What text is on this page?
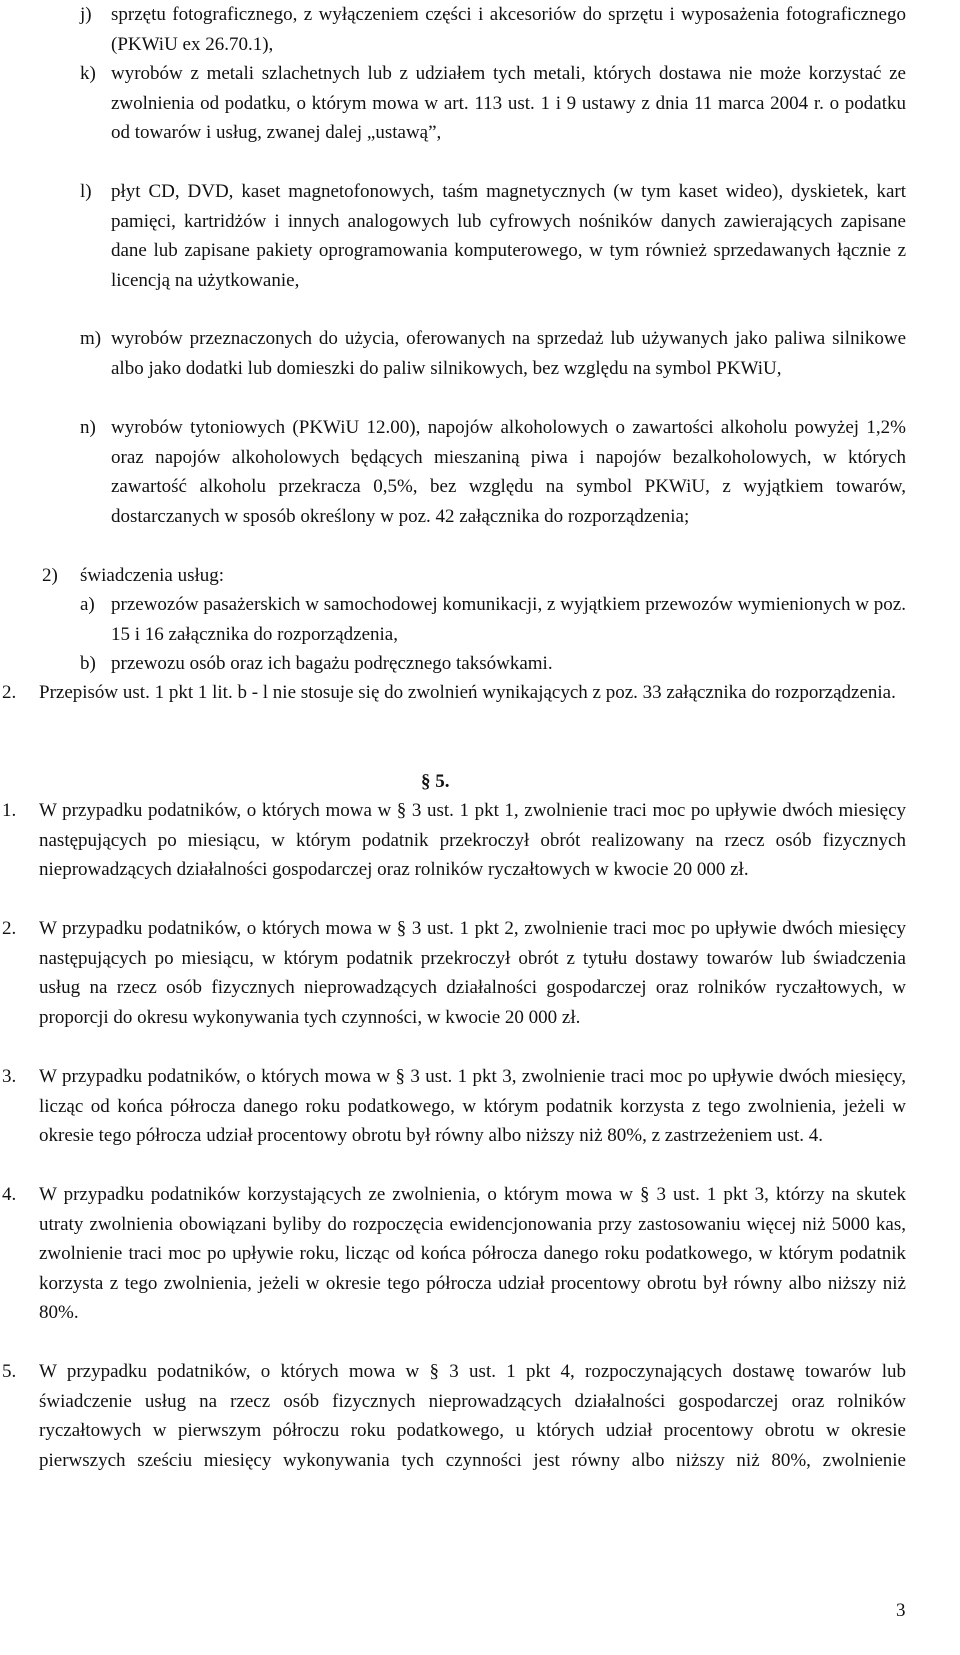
j) sprzętu fotograficznego, z wyłączeniem części i akcesoriów do sprzętu i wyposażenia fotograficznego (PKWiU ex 26.70.1),
k) wyrobów z metali szlachetnych lub z udziałem tych metali, których dostawa nie może korzystać ze zwolnienia od podatku, o którym mowa w art. 113 ust. 1 i 9 ustawy z dnia 11 marca 2004 r. o podatku od towarów i usług, zwanej dalej „ustawą”,
l) płyt CD, DVD, kaset magnetofonowych, taśm magnetycznych (w tym kaset wideo), dyskietek, kart pamięci, kartridżów i innych analogowych lub cyfrowych nośników danych zawierających zapisane dane lub zapisane pakiety oprogramowania komputerowego, w tym również sprzedawanych łącznie z licencją na użytkowanie,
m) wyrobów przeznaczonych do użycia, oferowanych na sprzedaż lub używanych jako paliwa silnikowe albo jako dodatki lub domieszki do paliw silnikowych, bez względu na symbol PKWiU,
n) wyrobów tytoniowych (PKWiU 12.00), napojów alkoholowych o zawartości alkoholu powyżej 1,2% oraz napojów alkoholowych będących mieszaniną piwa i napojów bezalkoholowych, w których zawartość alkoholu przekracza 0,5%, bez względu na symbol PKWiU, z wyjątkiem towarów, dostarczanych w sposób określony w poz. 42 załącznika do rozporządzenia;
2) świadczenia usług:
a) przewozów pasażerskich w samochodowej komunikacji, z wyjątkiem przewozów wymienionych w poz. 15 i 16 załącznika do rozporządzenia,
b) przewozu osób oraz ich bagażu podręcznego taksówkami.
2. Przepisów ust. 1 pkt 1 lit. b - l nie stosuje się do zwolnień wynikających z poz. 33 załącznika do rozporządzenia.
§ 5.
1. W przypadku podatników, o których mowa w § 3 ust. 1 pkt 1, zwolnienie traci moc po upływie dwóch miesięcy następujących po miesiącu, w którym podatnik przekroczył obrót realizowany na rzecz osób fizycznych nieprowadzących działalności gospodarczej oraz rolników ryczałtowych w kwocie 20 000 zł.
2. W przypadku podatników, o których mowa w § 3 ust. 1 pkt 2, zwolnienie traci moc po upływie dwóch miesięcy następujących po miesiącu, w którym podatnik przekroczył obrót z tytułu dostawy towarów lub świadczenia usług na rzecz osób fizycznych nieprowadzących działalności gospodarczej oraz rolników ryczałtowych, w proporcji do okresu wykonywania tych czynności, w kwocie 20 000 zł.
3. W przypadku podatników, o których mowa w § 3 ust. 1 pkt 3, zwolnienie traci moc po upływie dwóch miesięcy, licząc od końca półrocza danego roku podatkowego, w którym podatnik korzysta z tego zwolnienia, jeżeli w okresie tego półrocza udział procentowy obrotu był równy albo niższy niż 80%, z zastrzeżeniem ust. 4.
4. W przypadku podatników korzystających ze zwolnienia, o którym mowa w § 3 ust. 1 pkt 3, którzy na skutek utraty zwolnienia obowiązani byliby do rozpoczęcia ewidencjonowania przy zastosowaniu więcej niż 5000 kas, zwolnienie traci moc po upływie roku, licząc od końca półrocza danego roku podatkowego, w którym podatnik korzysta z tego zwolnienia, jeżeli w okresie tego półrocza udział procentowy obrotu był równy albo niższy niż 80%.
5. W przypadku podatników, o których mowa w § 3 ust. 1 pkt 4, rozpoczynających dostawę towarów lub świadczenie usług na rzecz osób fizycznych nieprowadzących działalności gospodarczej oraz rolników ryczałtowych w pierwszym półroczu roku podatkowego, u których udział procentowy obrotu w okresie pierwszych sześciu miesięcy wykonywania tych czynności jest równy albo niższy niż 80%, zwolnienie
3
